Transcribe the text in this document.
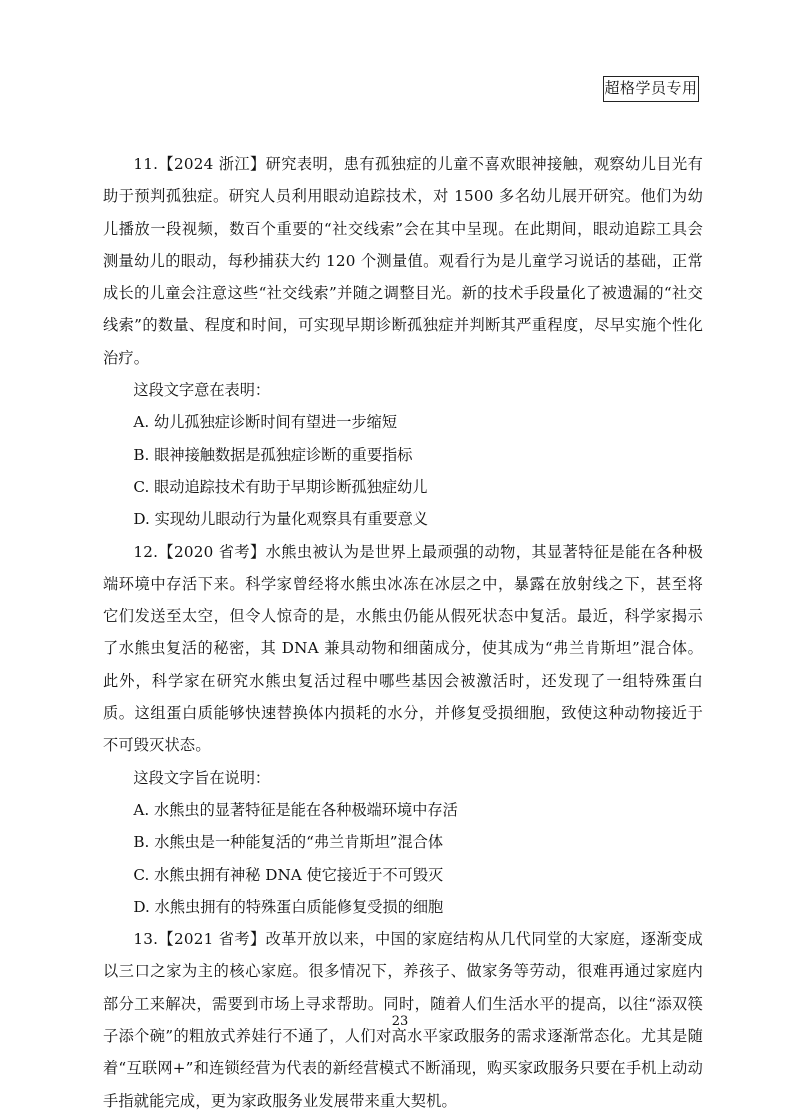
超格学员专用

11.【2024 浙江】研究表明，患有孤独症的儿童不喜欢眼神接触，观察幼儿目光有助于预判孤独症。研究人员利用眼动追踪技术，对 1500 多名幼儿展开研究。他们为幼儿播放一段视频，数百个重要的“社交线索”会在其中呈现。在此期间，眼动追踪工具会测量幼儿的眼动，每秒捕获大约 120 个测量值。观看行为是儿童学习说话的基础，正常成长的儿童会注意这些“社交线索”并随之调整目光。新的技术手段量化了被遗漏的“社交线索”的数量、程度和时间，可实现早期诊断孤独症并判断其严重程度，尽早实施个性化治疗。

这段文字意在表明：

A. 幼儿孤独症诊断时间有望进一步缩短

B. 眼神接触数据是孤独症诊断的重要指标

C. 眼动追踪技术有助于早期诊断孤独症幼儿

D. 实现幼儿眼动行为量化观察具有重要意义

12.【2020 省考】水熊虫被认为是世界上最顽强的动物，其显著特征是能在各种极端环境中存活下来。科学家曾经将水熊虫冰冻在冰层之中，暴露在放射线之下，甚至将它们发送至太空，但令人惊奇的是，水熊虫仍能从假死状态中复活。最近，科学家揭示了水熊虫复活的秘密，其 DNA 兼具动物和细菌成分，使其成为“弗兰肯斯坦”混合体。此外，科学家在研究水熊虫复活过程中哪些基因会被激活时，还发现了一组特殊蛋白质。这组蛋白质能够快速替换体内损耗的水分，并修复受损细胞，致使这种动物接近于不可毁灭状态。

这段文字旨在说明：

A. 水熊虫的显著特征是能在各种极端环境中存活

B. 水熊虫是一种能复活的“弗兰肯斯坦”混合体

C. 水熊虫拥有神秘 DNA 使它接近于不可毁灭

D. 水熊虫拥有的特殊蛋白质能修复受损的细胞

13.【2021 省考】改革开放以来，中国的家庭结构从几代同堂的大家庭，逐渐变成以三口之家为主的核心家庭。很多情况下，养孩子、做家务等劳动，很难再通过家庭内部分工来解决，需要到市场上寻求帮助。同时，随着人们生活水平的提高，以往“添双筷子添个碗”的粗放式养娃行不通了，人们对高水平家政服务的需求逐渐常态化。尤其是随着“互联网+”和连锁经营为代表的新经营模式不断涌现，购买家政服务只要在手机上动动手指就能完成，更为家政服务业发展带来重大契机。

23
